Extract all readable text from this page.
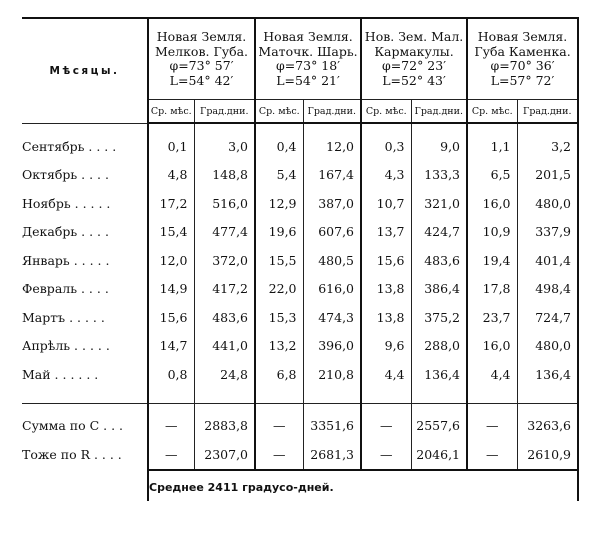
Мѣсяцы.	Новая Земля.
Мелков. Губа.
φ=73° 57′
L=54° 42′		Новая Земля.
Маточк. Шарь.
φ=73° 18′
L=54° 21′		Нов. Зем. Мал.
Кармакулы.
φ=72° 23′
L=52° 43′		Новая Земля.
Губа Каменка.
φ=70° 36′
L=57° 72′	

	Ср. мѣс.	Град.дни.	Ср. мѣс.	Град.дни.	Ср. мѣс.	Град.дни.	Ср. мѣс.	Град.дни.

Сентябрь . . . .	0,1	3,0	0,4	12,0	0,3	9,0	1,1	3,2
Октябрь . . . .	4,8	148,8	5,4	167,4	4,3	133,3	6,5	201,5
Ноябрь . . . . .	17,2	516,0	12,9	387,0	10,7	321,0	16,0	480,0
Декабрь . . . .	15,4	477,4	19,6	607,6	13,7	424,7	10,9	337,9
Январь . . . . .	12,0	372,0	15,5	480,5	15,6	483,6	19,4	401,4
Февраль . . . .	14,9	417,2	22,0	616,0	13,8	386,4	17,8	498,4
Мартъ . . . . .	15,6	483,6	15,3	474,3	13,8	375,2	23,7	724,7
Апрѣль . . . . .	14,7	441,0	13,2	396,0	9,6	288,0	16,0	480,0
Май . . . . . .	0,8	24,8	6,8	210,8	4,4	136,4	4,4	136,4

Сумма по С . . .	—	2883,8	—	3351,6	—	2557,6	—	3263,6
Тоже по R . . . .	—	2307,0	—	2681,3	—	2046,1	—	2610,9
	Среднее 2411 градусо-дней.							
